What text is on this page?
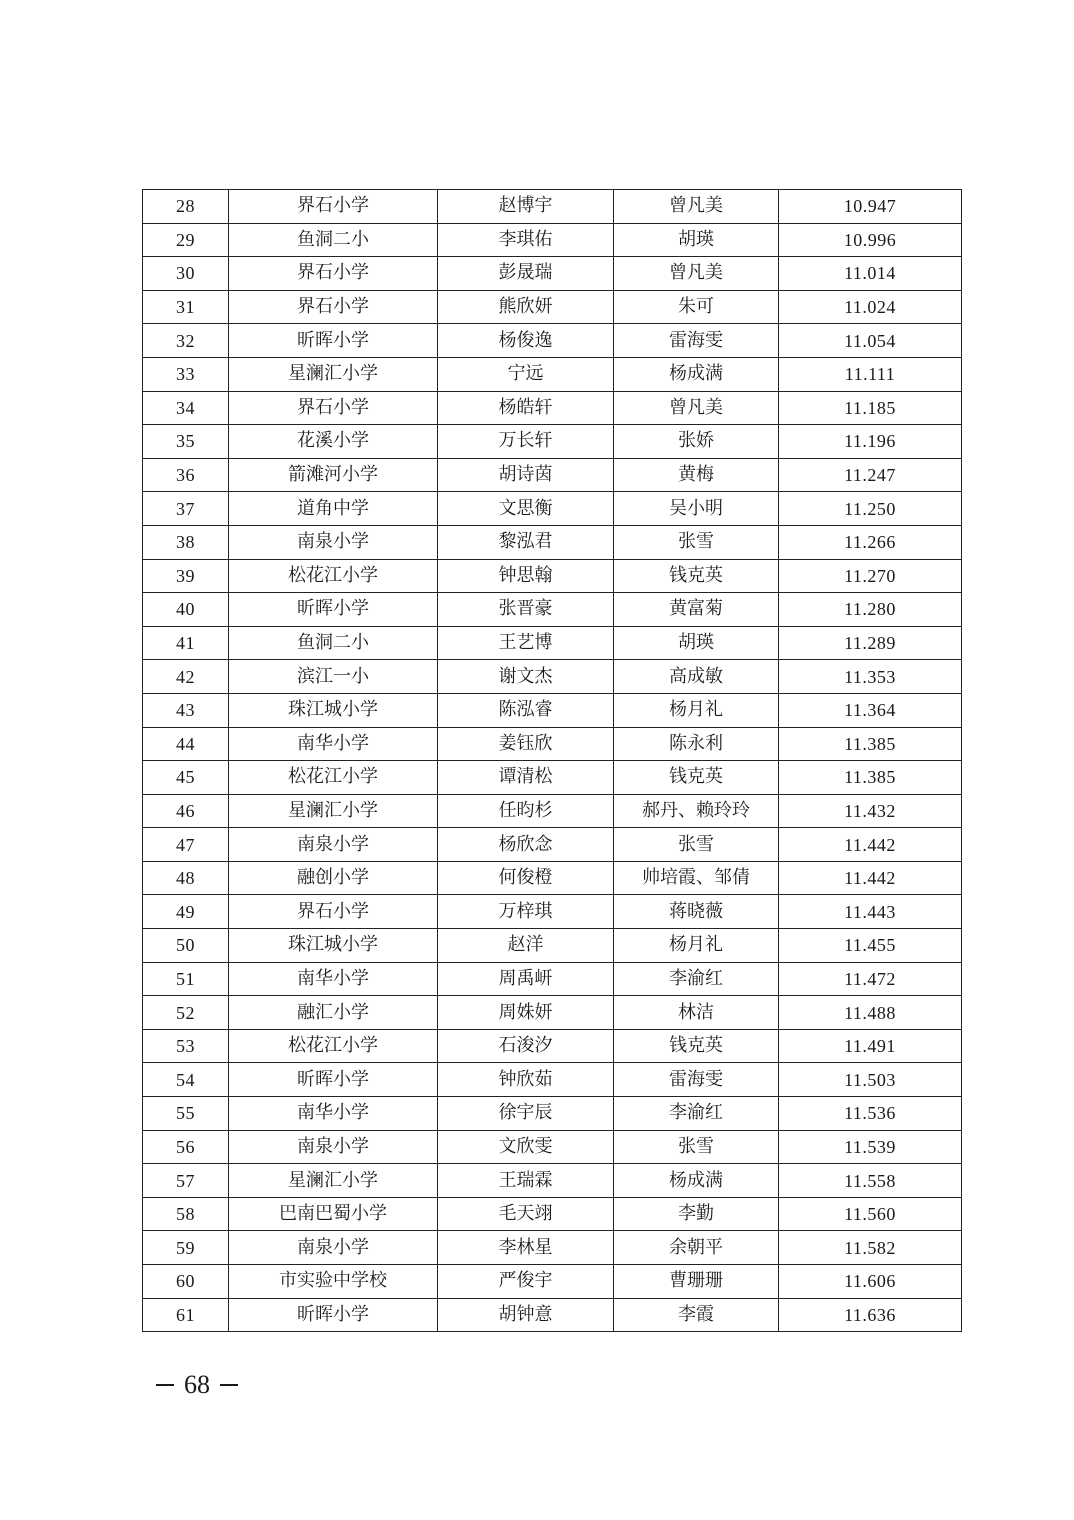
28	界石小学	赵博宇	曾凡美	10.947
29	鱼洞二小	李琪佑	胡瑛	10.996
30	界石小学	彭晟瑞	曾凡美	11.014
31	界石小学	熊欣妍	朱可	11.024
32	昕晖小学	杨俊逸	雷海雯	11.054
33	星澜汇小学	宁远	杨成满	11.111
34	界石小学	杨皓轩	曾凡美	11.185
35	花溪小学	万长轩	张娇	11.196
36	箭滩河小学	胡诗茵	黄梅	11.247
37	道角中学	文思衡	吴小明	11.250
38	南泉小学	黎泓君	张雪	11.266
39	松花江小学	钟思翰	钱克英	11.270
40	昕晖小学	张晋豪	黄富菊	11.280
41	鱼洞二小	王艺博	胡瑛	11.289
42	滨江一小	谢文杰	高成敏	11.353
43	珠江城小学	陈泓睿	杨月礼	11.364
44	南华小学	姜钰欣	陈永利	11.385
45	松花江小学	谭清松	钱克英	11.385
46	星澜汇小学	任昀杉	郝丹、赖玲玲	11.432
47	南泉小学	杨欣念	张雪	11.442
48	融创小学	何俊橙	帅培霞、邹倩	11.442
49	界石小学	万梓琪	蒋晓薇	11.443
50	珠江城小学	赵洋	杨月礼	11.455
51	南华小学	周禹岍	李渝红	11.472
52	融汇小学	周姝妍	林洁	11.488
53	松花江小学	石浚汐	钱克英	11.491
54	昕晖小学	钟欣茹	雷海雯	11.503
55	南华小学	徐宇辰	李渝红	11.536
56	南泉小学	文欣雯	张雪	11.539
57	星澜汇小学	王瑞霖	杨成满	11.558
58	巴南巴蜀小学	毛天翊	李勤	11.560
59	南泉小学	李林星	余朝平	11.582
60	市实验中学校	严俊宇	曹珊珊	11.606
61	昕晖小学	胡钟意	李霞	11.636
68
